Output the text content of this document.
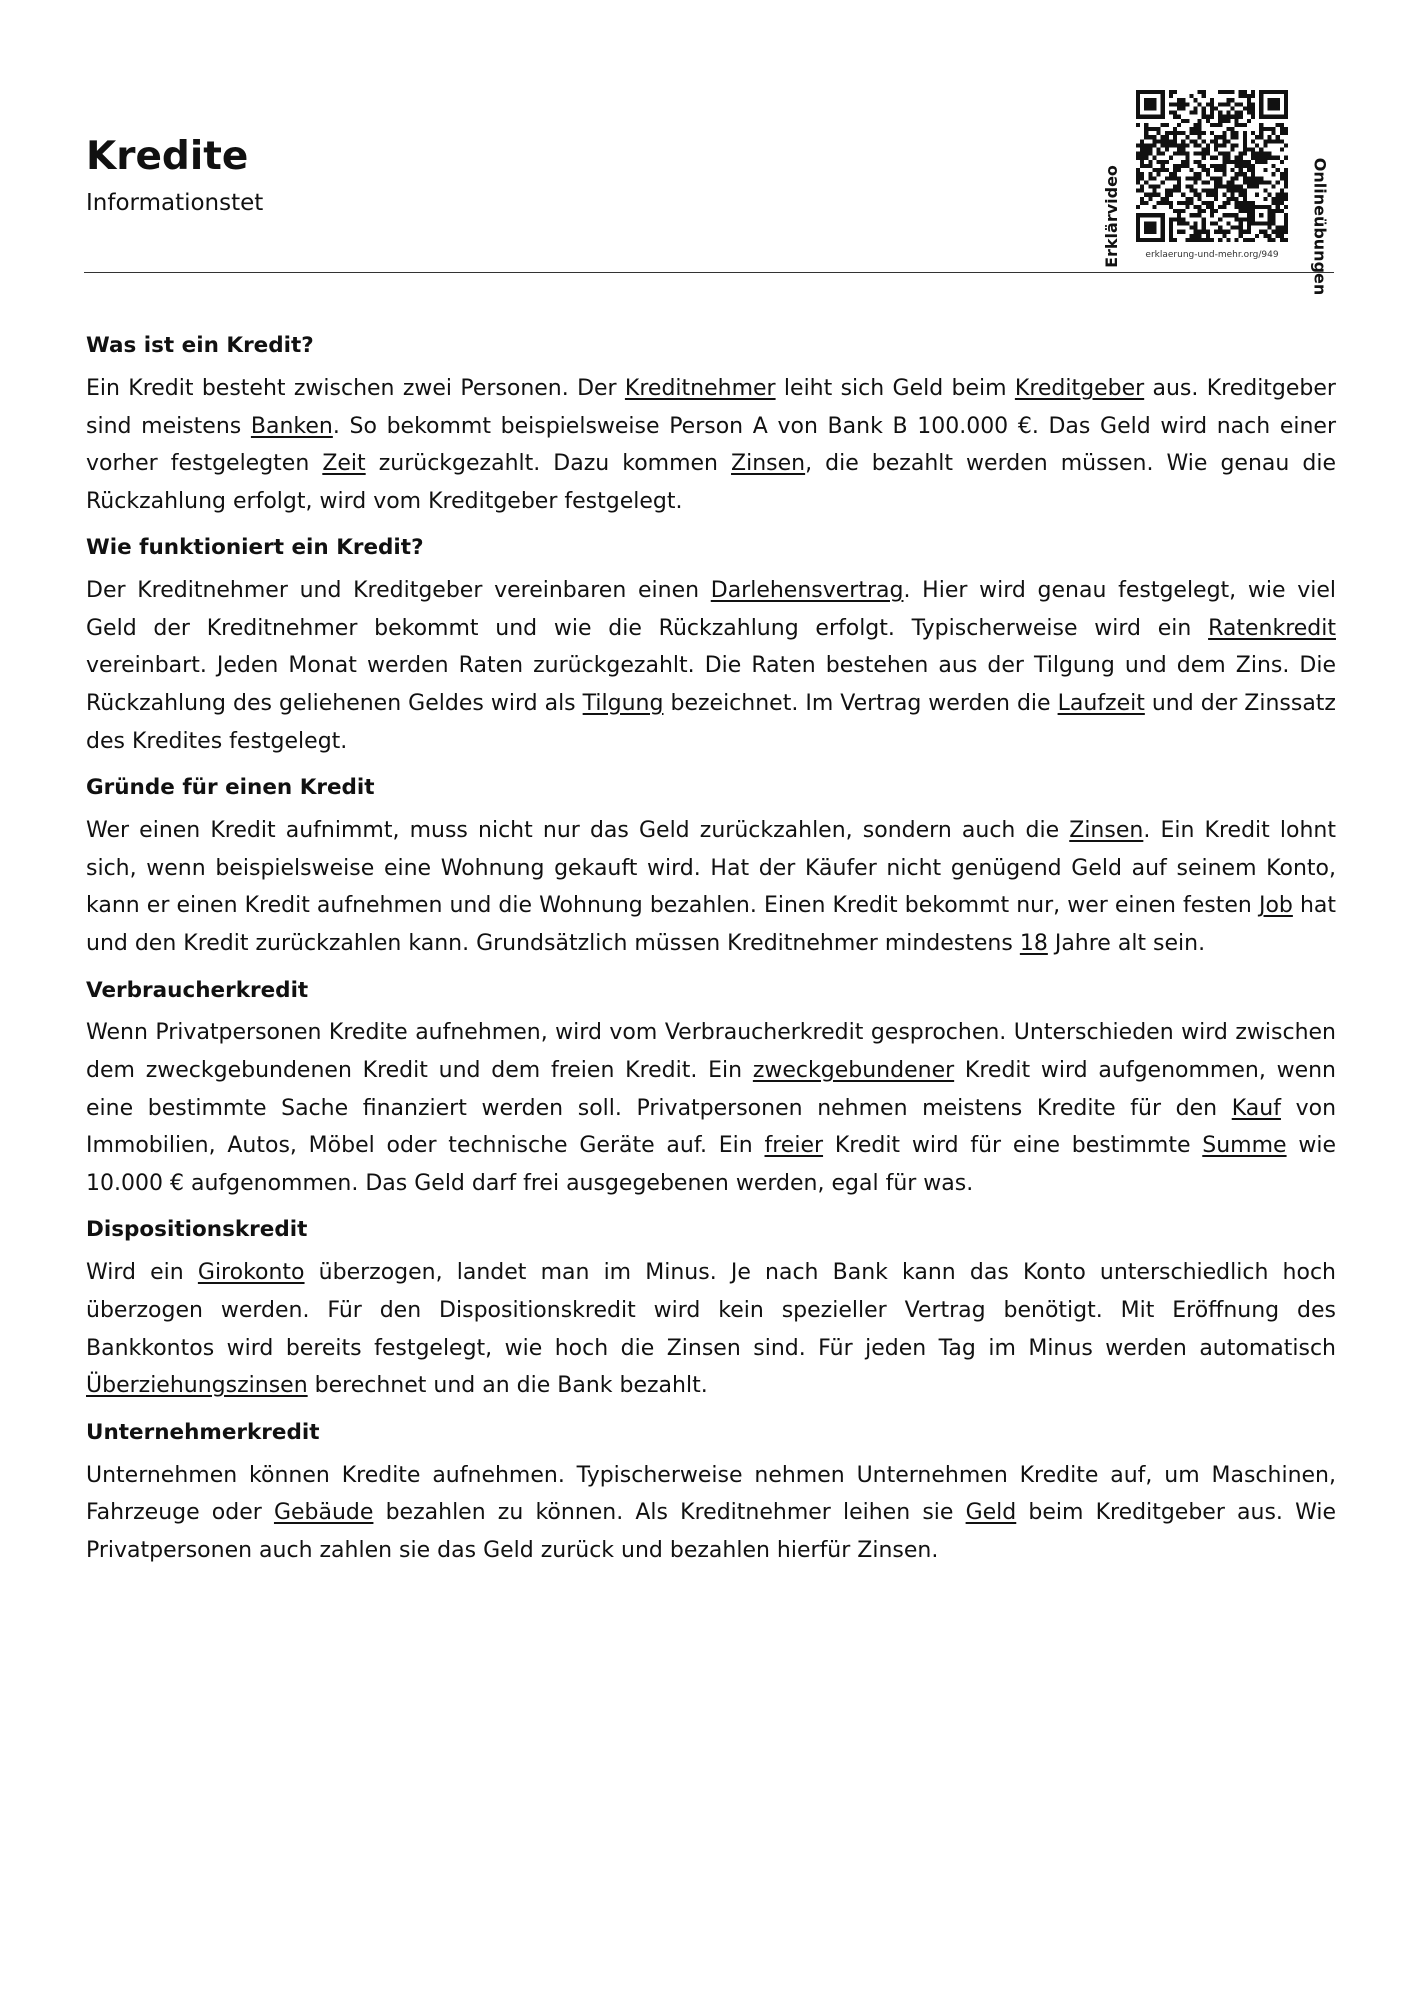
Kredite
Informationstet	Erklärvideo	erklaerung-und-mehr.org/949	Onlineübungen
Was ist ein Kredit?

Ein Kredit besteht zwischen zwei Personen. Der Kreditnehmer leiht sich Geld beim Kreditgeber aus. Kreditgeber sind meistens Banken. So bekommt beispielsweise Person A von Bank B 100.000 €. Das Geld wird nach einer vorher festgelegten Zeit zurückgezahlt. Dazu kommen Zinsen, die bezahlt werden müssen. Wie genau die Rückzahlung erfolgt, wird vom Kreditgeber festgelegt.

Wie funktioniert ein Kredit?

Der Kreditnehmer und Kreditgeber vereinbaren einen Darlehensvertrag. Hier wird genau festgelegt, wie viel Geld der Kreditnehmer bekommt und wie die Rückzahlung erfolgt. Typischerweise wird ein Ratenkredit vereinbart. Jeden Monat werden Raten zurückgezahlt. Die Raten bestehen aus der Tilgung und dem Zins. Die Rückzahlung des geliehenen Geldes wird als Tilgung bezeichnet. Im Vertrag werden die Laufzeit und der Zinssatz des Kredites festgelegt.

Gründe für einen Kredit

Wer einen Kredit aufnimmt, muss nicht nur das Geld zurückzahlen, sondern auch die Zinsen. Ein Kredit lohnt sich, wenn beispielsweise eine Wohnung gekauft wird. Hat der Käufer nicht genügend Geld auf seinem Konto, kann er einen Kredit aufnehmen und die Wohnung bezahlen. Einen Kredit bekommt nur, wer einen festen Job hat und den Kredit zurückzahlen kann. Grundsätzlich müssen Kreditnehmer mindestens 18 Jahre alt sein.

Verbraucherkredit

Wenn Privatpersonen Kredite aufnehmen, wird vom Verbraucherkredit gesprochen. Unterschieden wird zwischen dem zweckgebundenen Kredit und dem freien Kredit. Ein zweckgebundener Kredit wird aufgenommen, wenn eine bestimmte Sache finanziert werden soll. Privatpersonen nehmen meistens Kredite für den Kauf von Immobilien, Autos, Möbel oder technische Geräte auf. Ein freier Kredit wird für eine bestimmte Summe wie 10.000 € aufgenommen. Das Geld darf frei ausgegebenen werden, egal für was.

Dispositionskredit

Wird ein Girokonto überzogen, landet man im Minus. Je nach Bank kann das Konto unterschiedlich hoch überzogen werden. Für den Dispositionskredit wird kein spezieller Vertrag benötigt. Mit Eröffnung des Bankkontos wird bereits festgelegt, wie hoch die Zinsen sind. Für jeden Tag im Minus werden automatisch Überziehungszinsen berechnet und an die Bank bezahlt.

Unternehmerkredit

Unternehmen können Kredite aufnehmen. Typischerweise nehmen Unternehmen Kredite auf, um Maschinen, Fahrzeuge oder Gebäude bezahlen zu können. Als Kreditnehmer leihen sie Geld beim Kreditgeber aus. Wie Privatpersonen auch zahlen sie das Geld zurück und bezahlen hierfür Zinsen.
